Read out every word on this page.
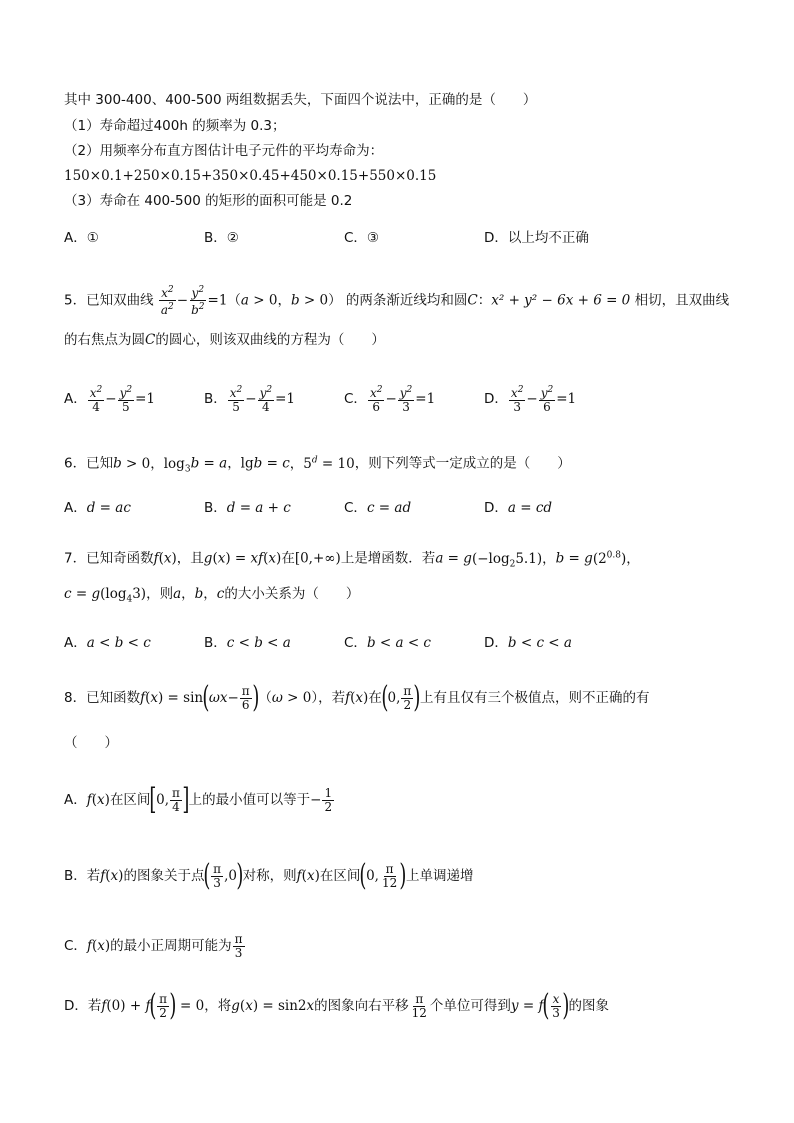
其中 300-400、400-500 两组数据丢失，下面四个说法中，正确的是（　　）
（1）寿命超过400h 的频率为 0.3；
（2）用频率分布直方图估计电子元件的平均寿命为：
150×0.1+250×0.15+350×0.45+450×0.15+550×0.15
（3）寿命在 400-500 的矩形的面积可能是 0.2
A．①	B．②	C．③	D．以上均不正确
5．已知双曲线 $\frac{x^2}{a^2} - \frac{y^2}{b^2} =1(a > 0$，b > 0） 的两条渐近线均和圆C：x² + y² − 6x + 6 = 0 相切，且双曲线
的右焦点为圆C的圆心，则该双曲线的方程为（　　）
A． $\frac{x^2}{4} - \frac{y^2}{5} =1$	B． $\frac{x^2}{5} - \frac{y^2}{4} =1$	C． $\frac{x^2}{6} - \frac{y^2}{3} =1$	D． $\frac{x^2}{3} - \frac{y^2}{6} =1$
6．已知b > 0，$\log_3b = a$，lgb = c，$5^d = 10$，则下列等式一定成立的是（　　）
A．d = ac	B．d = a + c	C．c = ad	D．a = cd
7．已知奇函数f(x)，且g(x) = xf(x)在[0,+∞)上是增函数．若$a = g(-\log_25.1)$，$b = g(2^{0.8})$，
$c = g(\log_43)$，则a，b，c的大小关系为（　　）
A．a < b < c	B．c < b < a	C．b < a < c	D．b < c < a
8．已知函数$f(x) = \sin(\omega x- \frac{\pi}{6} )(\omega > 0)$，若f(x)在(0, $\frac{\pi}{2}$ )上有且仅有三个极值点，则不正确的有
（　　）
A．f(x)在区间[0, $\frac{\pi}{4}$ ]上的最小值可以等于− $\frac{1}{2}$
B．若f(x)的图象关于点( $\frac{\pi}{3} ,0$)对称，则f(x)在区间(0, $\frac{\pi}{12}$ )上单调递增
C．f(x)的最小正周期可能为 $\frac{\pi}{3}$
D．若$f(0) + f( \frac{\pi}{2}$ ) = 0，将g(x) = sin2x的图象向右平移 $\frac{\pi}{12}$ 个单位可得到$y = f( \frac{x}{3}$ )的图象
